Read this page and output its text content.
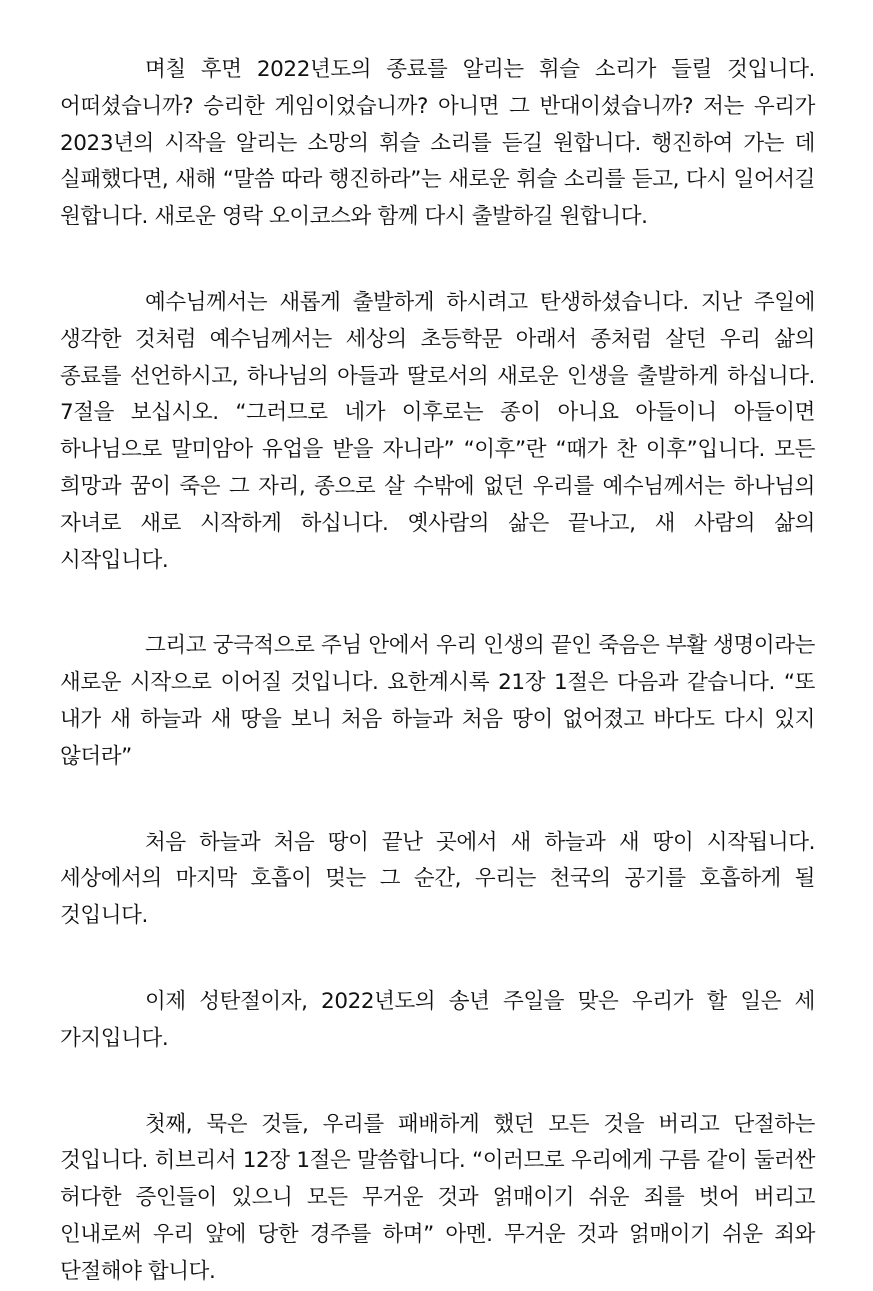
며칠 후면 2022년도의 종료를 알리는 휘슬 소리가 들릴 것입니다. 어떠셨습니까? 승리한 게임이었습니까? 아니면 그 반대이셨습니까? 저는 우리가 2023년의 시작을 알리는 소망의 휘슬 소리를 듣길 원합니다. 행진하여 가는 데 실패했다면, 새해 “말씀 따라 행진하라”는 새로운 휘슬 소리를 듣고, 다시 일어서길 원합니다. 새로운 영락 오이코스와 함께 다시 출발하길 원합니다.

예수님께서는 새롭게 출발하게 하시려고 탄생하셨습니다. 지난 주일에 생각한 것처럼 예수님께서는 세상의 초등학문 아래서 종처럼 살던 우리 삶의 종료를 선언하시고, 하나님의 아들과 딸로서의 새로운 인생을 출발하게 하십니다. 7절을 보십시오. “그러므로 네가 이후로는 종이 아니요 아들이니 아들이면 하나님으로 말미암아 유업을 받을 자니라” “이후”란 “때가 찬 이후”입니다. 모든 희망과 꿈이 죽은 그 자리, 종으로 살 수밖에 없던 우리를 예수님께서는 하나님의 자녀로 새로 시작하게 하십니다. 옛사람의 삶은 끝나고, 새 사람의 삶의 시작입니다.

그리고 궁극적으로 주님 안에서 우리 인생의 끝인 죽음은 부활 생명이라는 새로운 시작으로 이어질 것입니다. 요한계시록 21장 1절은 다음과 같습니다. “또 내가 새 하늘과 새 땅을 보니 처음 하늘과 처음 땅이 없어졌고 바다도 다시 있지 않더라”

처음 하늘과 처음 땅이 끝난 곳에서 새 하늘과 새 땅이 시작됩니다. 세상에서의 마지막 호흡이 멎는 그 순간, 우리는 천국의 공기를 호흡하게 될 것입니다.

이제 성탄절이자, 2022년도의 송년 주일을 맞은 우리가 할 일은 세 가지입니다.

첫째, 묵은 것들, 우리를 패배하게 했던 모든 것을 버리고 단절하는 것입니다. 히브리서 12장 1절은 말씀합니다. “이러므로 우리에게 구름 같이 둘러싼 허다한 증인들이 있으니 모든 무거운 것과 얽매이기 쉬운 죄를 벗어 버리고 인내로써 우리 앞에 당한 경주를 하며” 아멘. 무거운 것과 얽매이기 쉬운 죄와 단절해야 합니다.
